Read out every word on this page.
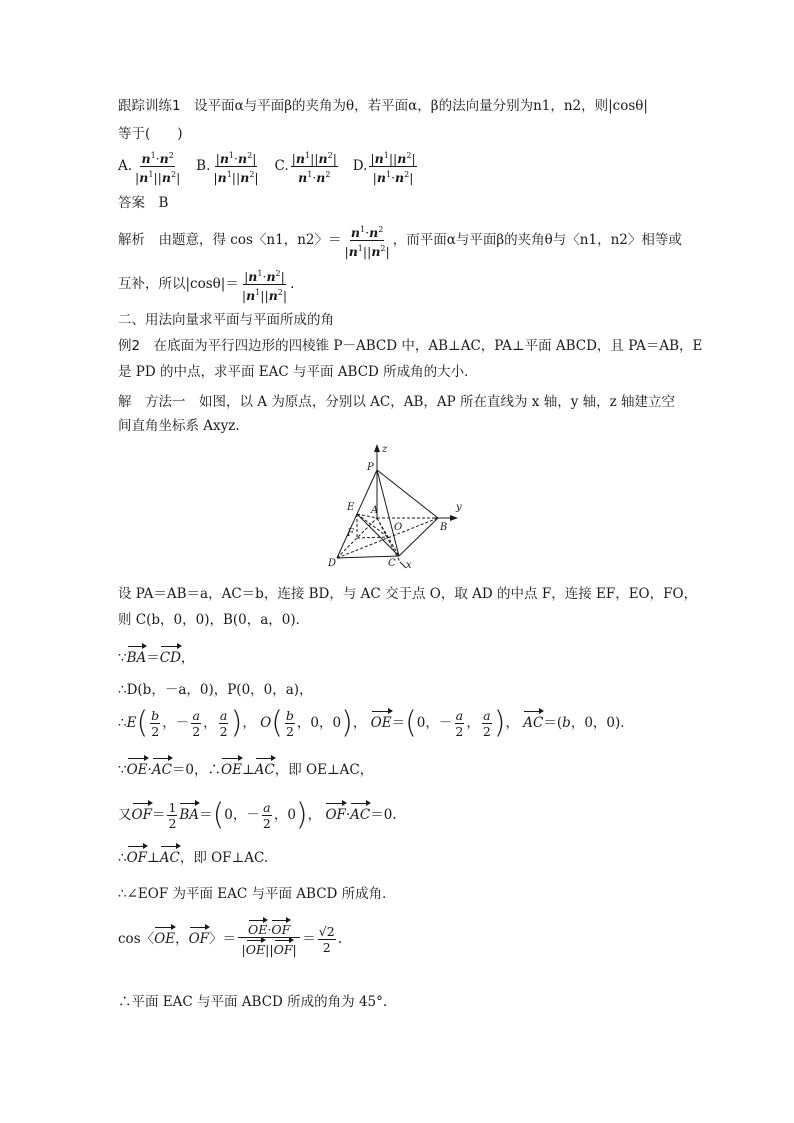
跟踪训练1　 设平面α与平面β的夹角为θ，若平面α，β的法向量分别为n1，n2，则|cosθ|
等于(　　)
A. $\frac{n^1\cdot n^2}{|n^1||n^2|} B$. $\frac{|n^1\cdot n^2|}{|n^1||n^2|} C$. $\frac{|n^1||n^2|}{n^1\cdot n^2} D$. $\frac{|n^1||n^2|}{|n^1\cdot n^2|}$
答案　 B
解析　 由题意，得 cos〈n1，n2〉＝ $\frac{n^1\cdot n^2}{|n^1||n^2|}$ ，而平面α与平面β的夹角θ与〈n1，n2〉相等或
互补，所以$|\cos\theta|= \frac{|n^1\cdot n^2|}{|n^1||n^2|}$ .
二、用法向量求平面与平面所成的角
例2　 在底面为平行四边形的四棱锥 P－ABCD 中，AB⊥AC，PA⊥平面 ABCD，且 PA＝AB，E
是 PD 的中点，求平面 EAC 与平面 ABCD 所成角的大小．
解　 方法一　如图，以 A 为原点，分别以 AC，AB，AP 所在直线为 x 轴，y 轴，z 轴建立空
间直角坐标系 Axyz.
z
P
E A	y
O
F
B
D	C x
设 PA＝AB＝a，AC＝b，连接 BD，与 AC 交于点 O，取 AD 的中点 F，连接 EF，EO，FO，
则 C(b，0，0)，B(0，a，0)．
∵BA＝CD，
∴D(b，－a，0)，P(0，0，a)，
∴E( $\frac{b}{2}$ ，－ $\frac{a}{2}$ ， $\frac{a}{2}$ )， $O( \frac{b}{2}$ ，0，0)， OE＝(0，－ $\frac{a}{2}$ ， $\frac{a}{2}$ )， AC＝(b，0，0)．
∵OE·AC＝0，∴OE⊥AC，即 OE⊥AC，
又$OF= \frac{1}{2} BA=(0$，－ $\frac{a}{2}$ ，0)， OF·AC＝0.
∴OF⊥AC，即 OF⊥AC.
∴∠EOF 为平面 EAC 与平面 ABCD 所成角．
cos〈OE，OF〉＝ $\frac{OE\cdot OF}{|OE||OF|} = \frac{√2}{2}$ .
∴平面 EAC 与平面 ABCD 所成的角为 45°.
